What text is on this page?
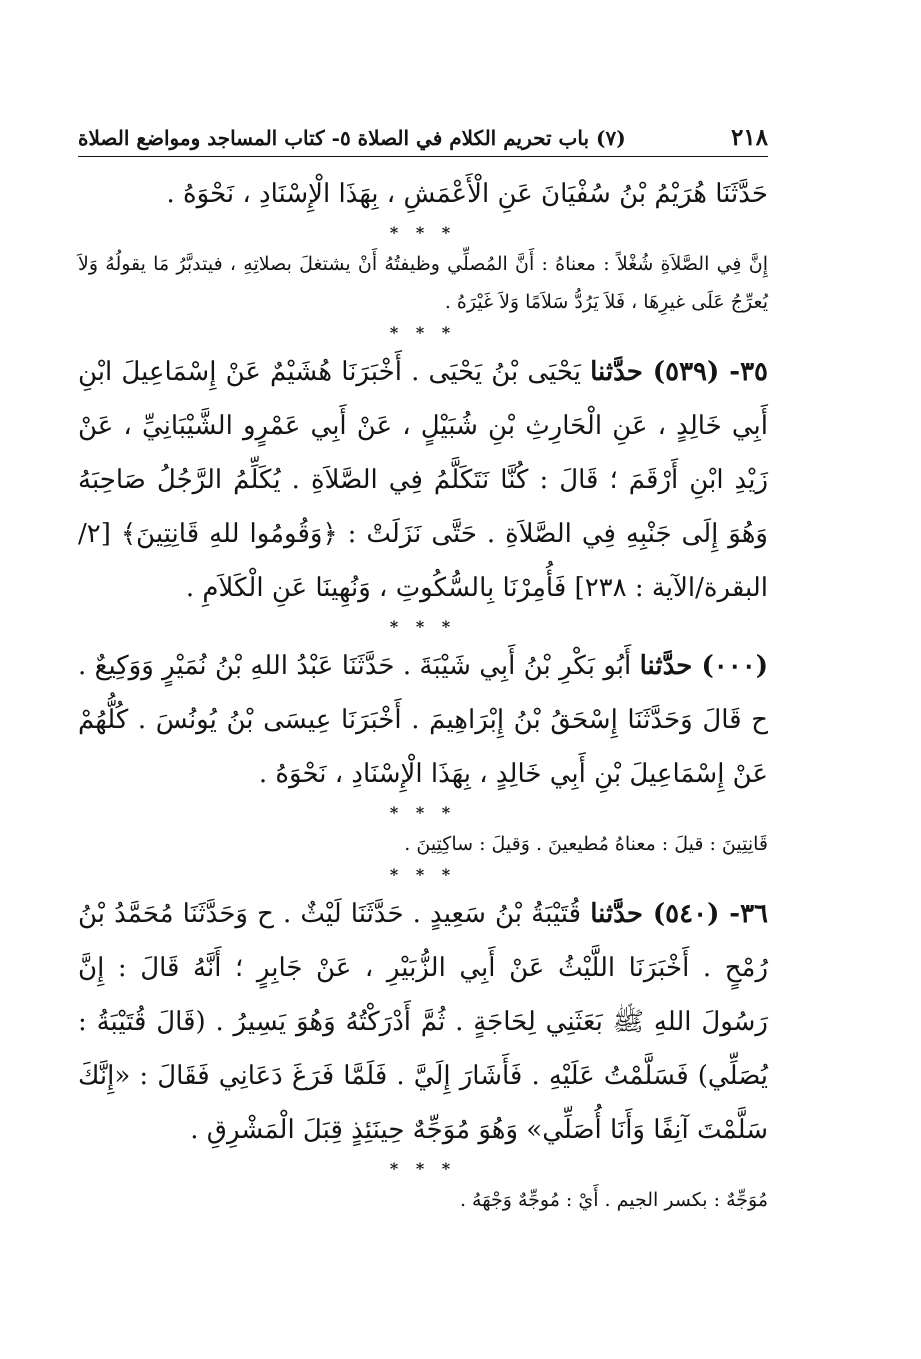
٢١٨
(٧) باب تحريم الكلام في الصلاة ٥- كتاب المساجد ومواضع الصلاة

حَدَّثَنَا هُرَيْمُ بْنُ سُفْيَانَ عَنِ الْأَعْمَشِ ، بِهَذَا الْإِسْنَادِ ، نَحْوَهُ .

* * *

إِنَّ فِي الصَّلاَةِ شُغْلاً : معناهُ : أَنَّ المُصلِّي وظيفتُهُ أَنْ يشتغلَ بصلاتِهِ ، فيتدبَّرُ مَا يقولُهُ وَلاَ يُعرِّجُ عَلَى غيرِهَا ، فَلاَ يَرُدُّ سَلاَمًا وَلاَ غَيْرَهُ .

* * *

٣٥- (٥٣٩) حدَّثنا يَحْيَى بْنُ يَحْيَى . أَخْبَرَنَا هُشَيْمٌ عَنْ إِسْمَاعِيلَ ابْنِ أَبِي خَالِدٍ ، عَنِ الْحَارِثِ بْنِ شُبَيْلٍ ، عَنْ أَبِي عَمْرٍو الشَّيْبَانِيِّ ، عَنْ زَيْدِ ابْنِ أَرْقَمَ ؛ قَالَ : كُنَّا نَتَكَلَّمُ فِي الصَّلاَةِ . يُكَلِّمُ الرَّجُلُ صَاحِبَهُ وَهُوَ إِلَى جَنْبِهِ فِي الصَّلاَةِ . حَتَّى نَزَلَتْ : ﴿وَقُومُوا للهِ قَانِتِينَ﴾ [٢/البقرة/الآية : ٢٣٨] فَأُمِرْنَا بِالسُّكُوتِ ، وَنُهِينَا عَنِ الْكَلاَمِ .

* * *

(٠٠٠) حدَّثنا أَبُو بَكْرِ بْنُ أَبِي شَيْبَةَ . حَدَّثَنَا عَبْدُ اللهِ بْنُ نُمَيْرٍ وَوَكِيعٌ . ح قَالَ وَحَدَّثَنَا إِسْحَقُ بْنُ إِبْرَاهِيمَ . أَخْبَرَنَا عِيسَى بْنُ يُونُسَ . كُلُّهُمْ عَنْ إِسْمَاعِيلَ بْنِ أَبِي خَالِدٍ ، بِهَذَا الْإِسْنَادِ ، نَحْوَهُ .

* * *

قَانِتِينَ : قيلَ : معناهُ مُطيعينَ . وَقيلَ : ساكِتِينَ .

* * *

٣٦- (٥٤٠) حدَّثنا قُتَيْبَةُ بْنُ سَعِيدٍ . حَدَّثَنَا لَيْثٌ . ح وَحَدَّثَنَا مُحَمَّدُ بْنُ رُمْحٍ . أَخْبَرَنَا اللَّيْثُ عَنْ أَبِي الزُّبَيْرِ ، عَنْ جَابِرٍ ؛ أَنَّهُ قَالَ : إِنَّ رَسُولَ اللهِ ﷺ بَعَثَنِي لِحَاجَةٍ . ثُمَّ أَدْرَكْتُهُ وَهُوَ يَسِيرُ . (قَالَ قُتَيْبَةُ : يُصَلِّي) فَسَلَّمْتُ عَلَيْهِ . فَأَشَارَ إِلَيَّ . فَلَمَّا فَرَغَ دَعَانِي فَقَالَ : «إِنَّكَ سَلَّمْتَ آنِفًا وَأَنَا أُصَلِّي» وَهُوَ مُوَجِّهٌ حِينَئِذٍ قِبَلَ الْمَشْرِقِ .

* * *

مُوَجِّهٌ : بكسر الجيم . أَيْ : مُوجِّهٌ وَجْهَهُ .
